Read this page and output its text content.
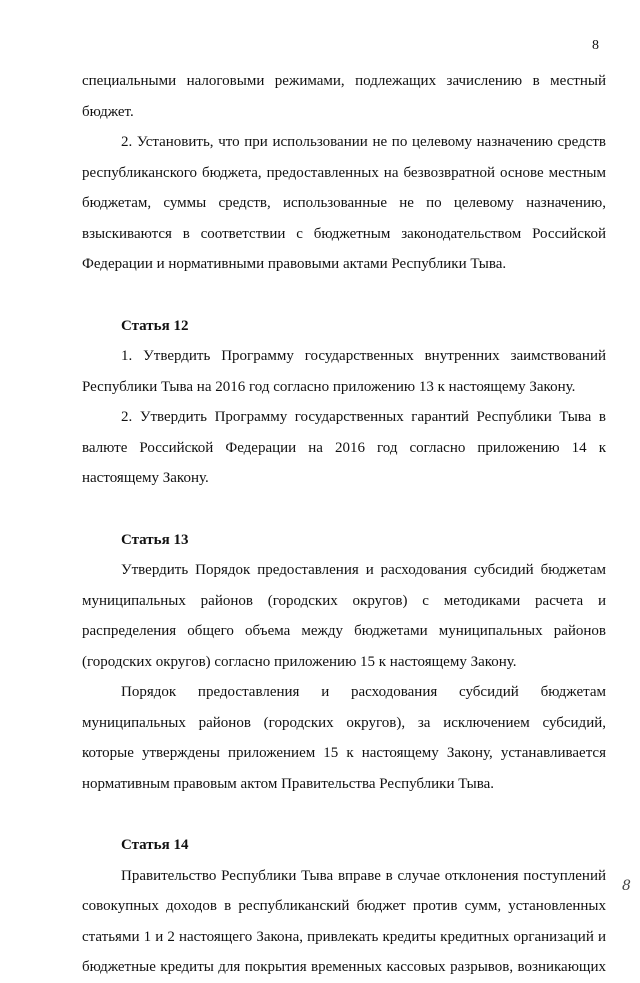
8

специальными налоговыми режимами, подлежащих зачислению в местный бюджет.

2. Установить, что при использовании не по целевому назначению средств республиканского бюджета, предоставленных на безвозвратной основе местным бюджетам, суммы средств, использованные не по целевому назначению, взыскиваются в соответствии с бюджетным законодательством Российской Федерации и нормативными правовыми актами Республики Тыва.

Статья 12

1. Утвердить Программу государственных внутренних заимствований Республики Тыва на 2016 год согласно приложению 13 к настоящему Закону.

2. Утвердить Программу государственных гарантий Республики Тыва в валюте Российской Федерации на 2016 год согласно приложению 14 к настоящему Закону.

Статья 13

Утвердить Порядок предоставления и расходования субсидий бюджетам муниципальных районов (городских округов) с методиками расчета и распределения общего объема между бюджетами муниципальных районов (городских округов) согласно приложению 15 к настоящему Закону.

Порядок предоставления и расходования субсидий бюджетам муниципальных районов (городских округов), за исключением субсидий, которые утверждены приложением 15 к настоящему Закону, устанавливается нормативным правовым актом Правительства Республики Тыва.

Статья 14

Правительство Республики Тыва вправе в случае отклонения поступлений совокупных доходов в республиканский бюджет против сумм, установленных статьями 1 и 2 настоящего Закона, привлекать кредиты кредитных организаций и бюджетные кредиты для покрытия временных кассовых разрывов, возникающих

8
